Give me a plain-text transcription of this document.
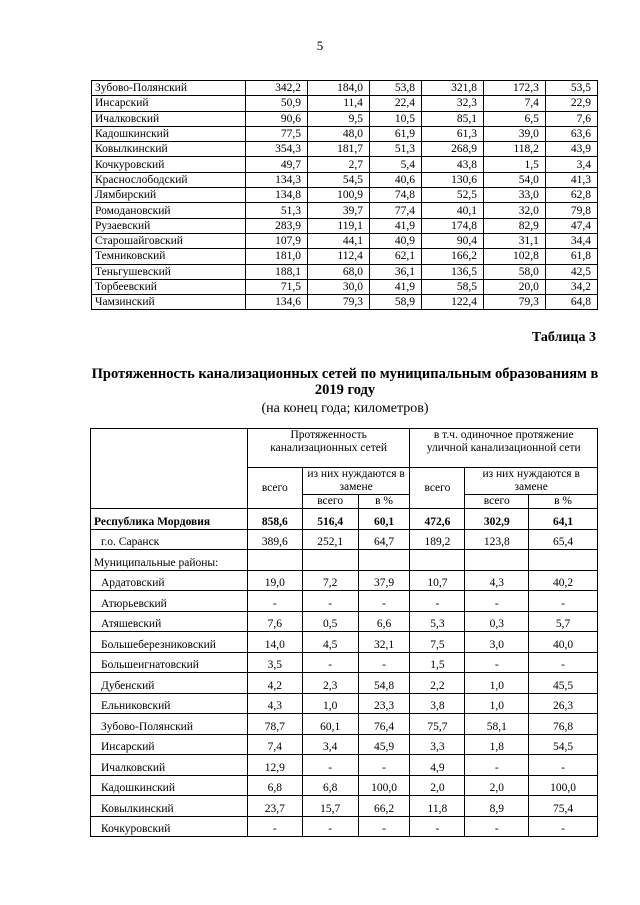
5
Зубово-Полянский	342,2	184,0	53,8	321,8	172,3	53,5
Инсарский	50,9	11,4	22,4	32,3	7,4	22,9
Ичалковский	90,6	9,5	10,5	85,1	6,5	7,6
Кадошкинский	77,5	48,0	61,9	61,3	39,0	63,6
Ковылкинский	354,3	181,7	51,3	268,9	118,2	43,9
Кочкуровский	49,7	2,7	5,4	43,8	1,5	3,4
Краснослободский	134,3	54,5	40,6	130,6	54,0	41,3
Лямбирский	134,8	100,9	74,8	52,5	33,0	62,8
Ромодановский	51,3	39,7	77,4	40,1	32,0	79,8
Рузаевский	283,9	119,1	41,9	174,8	82,9	47,4
Старошайговский	107,9	44,1	40,9	90,4	31,1	34,4
Темниковский	181,0	112,4	62,1	166,2	102,8	61,8
Теньгушевский	188,1	68,0	36,1	136,5	58,0	42,5
Торбеевский	71,5	30,0	41,9	58,5	20,0	34,2
Чамзинский	134,6	79,3	58,9	122,4	79,3	64,8
Таблица 3
Протяженность канализационных сетей по муниципальным образованиям в 2019 году
(на конец года; километров)
	Протяженность канализационных сетей			в т.ч. одиночное протяжение уличной канализационной сети		
	всего	из них нуждаются в замене		всего	из них нуждаются в замене	
		всего	в %		всего	в %
Республика Мордовия	858,6	516,4	60,1	472,6	302,9	64,1
г.о. Саранск	389,6	252,1	64,7	189,2	123,8	65,4
Муниципальные районы:						
Ардатовский	19,0	7,2	37,9	10,7	4,3	40,2
Атюрьевский	-	-	-	-	-	-
Атяшевский	7,6	0,5	6,6	5,3	0,3	5,7
Большеберезниковский	14,0	4,5	32,1	7,5	3,0	40,0
Большеигнатовский	3,5	-	-	1,5	-	-
Дубенский	4,2	2,3	54,8	2,2	1,0	45,5
Ельниковский	4,3	1,0	23,3	3,8	1,0	26,3
Зубово-Полянский	78,7	60,1	76,4	75,7	58,1	76,8
Инсарский	7,4	3,4	45,9	3,3	1,8	54,5
Ичалковский	12,9	-	-	4,9	-	-
Кадошкинский	6,8	6,8	100,0	2,0	2,0	100,0
Ковылкинский	23,7	15,7	66,2	11,8	8,9	75,4
Кочкуровский	-	-	-	-	-	-
